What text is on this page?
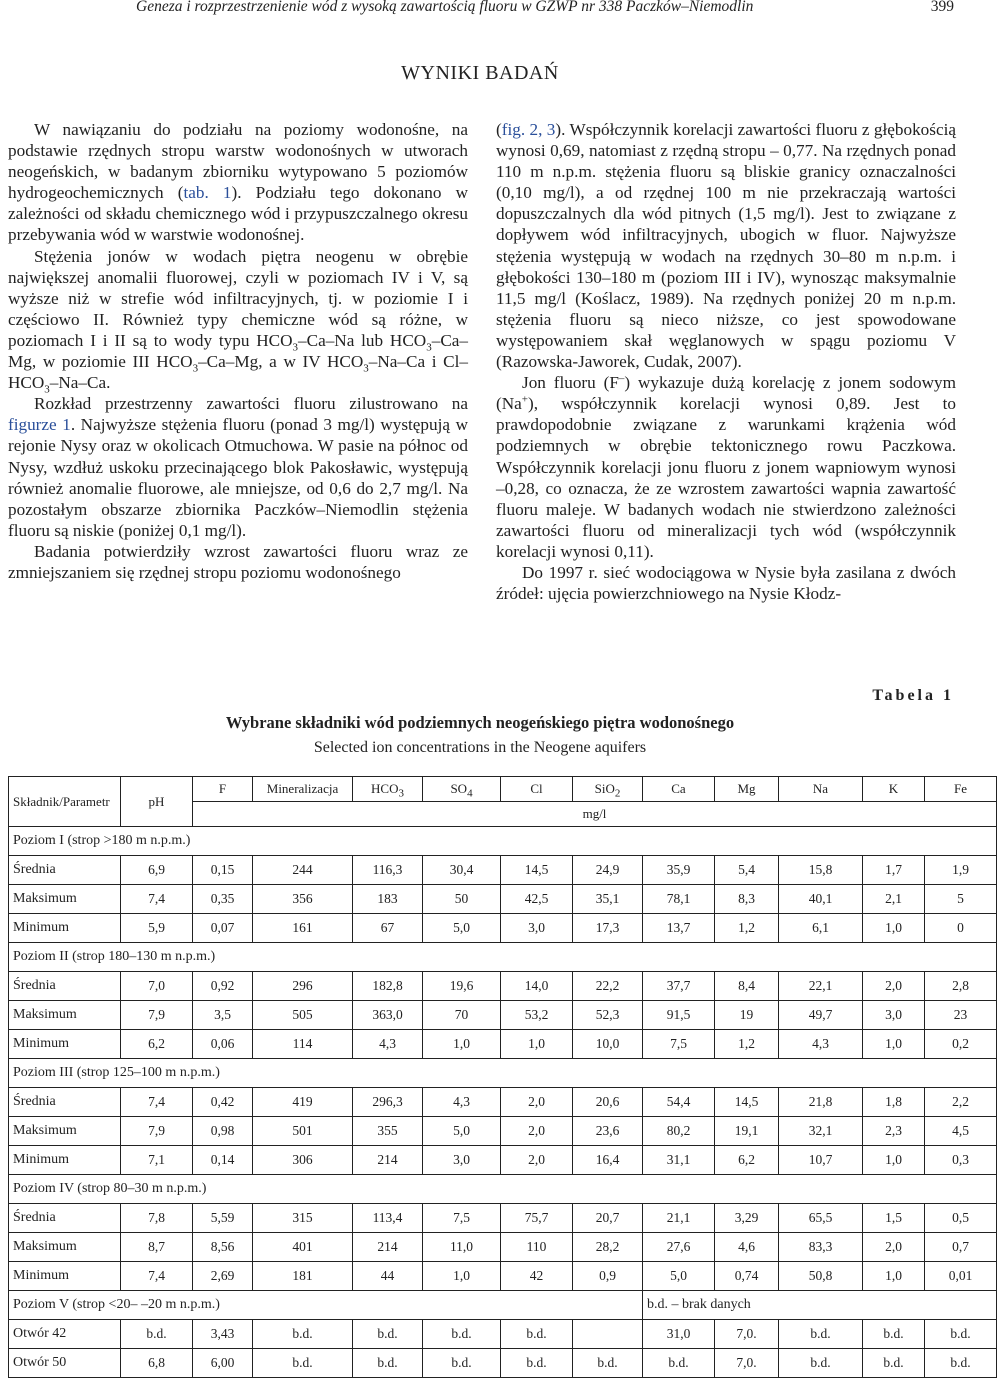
Geneza i rozprzestrzenienie wód z wysoką zawartością fluoru w GZWP nr 338 Paczków–Niemodlin	399
WYNIKI BADAŃ

W nawiązaniu do podziału na poziomy wodonośne, na podstawie rzędnych stropu warstw wodonośnych w utworach neogeńskich, w badanym zbiorniku wytypowano 5 poziomów hydrogeochemicznych (tab. 1). Podziału tego dokonano w zależności od składu chemicznego wód i przypuszczalnego okresu przebywania wód w warstwie wodonośnej.

Stężenia jonów w wodach piętra neogenu w obrębie największej anomalii fluorowej, czyli w poziomach IV i V, są wyższe niż w strefie wód infiltracyjnych, tj. w poziomie I i częściowo II. Również typy chemiczne wód są różne, w poziomach I i II są to wody typu $HCO_3-Ca-Na$ lub $HCO_3-Ca-Mg$, w poziomie III $HCO_3-Ca-Mg$, a w IV $HCO_3-Na-Ca$ i $Cl-HCO_3-Na-Ca$.

Rozkład przestrzenny zawartości fluoru zilustrowano na figurze 1. Najwyższe stężenia fluoru (ponad 3 mg/l) występują w rejonie Nysy oraz w okolicach Otmuchowa. W pasie na północ od Nysy, wzdłuż uskoku przecinającego blok Pakosławic, występują również anomalie fluorowe, ale mniejsze, od 0,6 do 2,7 mg/l. Na pozostałym obszarze zbiornika Paczków–Niemodlin stężenia fluoru są niskie (poniżej 0,1 mg/l).

Badania potwierdziły wzrost zawartości fluoru wraz ze zmniejszaniem się rzędnej stropu poziomu wodonośnego

(fig. 2, 3). Współczynnik korelacji zawartości fluoru z głębokością wynosi 0,69, natomiast z rzędną stropu – 0,77. Na rzędnych ponad 110 m n.p.m. stężenia fluoru są bliskie granicy oznaczalności (0,10 mg/l), a od rzędnej 100 m nie przekraczają wartości dopuszczalnych dla wód pitnych (1,5 mg/l). Jest to związane z dopływem wód infiltracyjnych, ubogich w fluor. Najwyższe stężenia występują w wodach na rzędnych 30–80 m n.p.m. i głębokości 130–180 m (poziom III i IV), wynosząc maksymalnie 11,5 mg/l (Koślacz, 1989). Na rzędnych poniżej 20 m n.p.m. stężenia fluoru są nieco niższe, co jest spowodowane występowaniem skał węglanowych w spągu poziomu V (Razowska-Jaworek, Cudak, 2007).

Jon fluoru (F–) wykazuje dużą korelację z jonem sodowym (Na+), współczynnik korelacji wynosi 0,89. Jest to prawdopodobnie związane z warunkami krążenia wód podziemnych w obrębie tektonicznego rowu Paczkowa. Współczynnik korelacji jonu fluoru z jonem wapniowym wynosi –0,28, co oznacza, że ze wzrostem zawartości wapnia zawartość fluoru maleje. W badanych wodach nie stwierdzono zależności zawartości fluoru od mineralizacji tych wód (współczynnik korelacji wynosi 0,11).

Do 1997 r. sieć wodociągowa w Nysie była zasilana z dwóch źródeł: ujęcia powierzchniowego na Nysie Kłodz-

Tabela 1
Wybrane składniki wód podziemnych neogeńskiego piętra wodonośnego
Selected ion concentrations in the Neogene aquifers
Składnik/Parametr	pH	F	Mineralizacja	$HCO_3$	$SO_4$	Cl	SiO$_2$	Ca	Mg	Na	K	Fe
		mg/l										
Poziom I (strop >180 m n.p.m.)												
Średnia	6,9	0,15	244	116,3	30,4	14,5	24,9	35,9	5,4	15,8	1,7	1,9
Maksimum	7,4	0,35	356	183	50	42,5	35,1	78,1	8,3	40,1	2,1	5
Minimum	5,9	0,07	161	67	5,0	3,0	17,3	13,7	1,2	6,1	1,0	0
Poziom II (strop 180–130 m n.p.m.)												
Średnia	7,0	0,92	296	182,8	19,6	14,0	22,2	37,7	8,4	22,1	2,0	2,8
Maksimum	7,9	3,5	505	363,0	70	53,2	52,3	91,5	19	49,7	3,0	23
Minimum	6,2	0,06	114	4,3	1,0	1,0	10,0	7,5	1,2	4,3	1,0	0,2
Poziom III (strop 125–100 m n.p.m.)												
Średnia	7,4	0,42	419	296,3	4,3	2,0	20,6	54,4	14,5	21,8	1,8	2,2
Maksimum	7,9	0,98	501	355	5,0	2,0	23,6	80,2	19,1	32,1	2,3	4,5
Minimum	7,1	0,14	306	214	3,0	2,0	16,4	31,1	6,2	10,7	1,0	0,3
Poziom IV (strop 80–30 m n.p.m.)												
Średnia	7,8	5,59	315	113,4	7,5	75,7	20,7	21,1	3,29	65,5	1,5	0,5
Maksimum	8,7	8,56	401	214	11,0	110	28,2	27,6	4,6	83,3	2,0	0,7
Minimum	7,4	2,69	181	44	1,0	42	0,9	5,0	0,74	50,8	1,0	0,01
Poziom V (strop <20– –20 m n.p.m.)								b.d. – brak danych				
Otwór 42	b.d.	3,43	b.d.	b.d.	b.d.	b.d.		31,0	7,0.	b.d.	b.d.	b.d.
Otwór 50	6,8	6,00	b.d.	b.d.	b.d.	b.d.	b.d.	b.d.	7,0.	b.d.	b.d.	b.d.
